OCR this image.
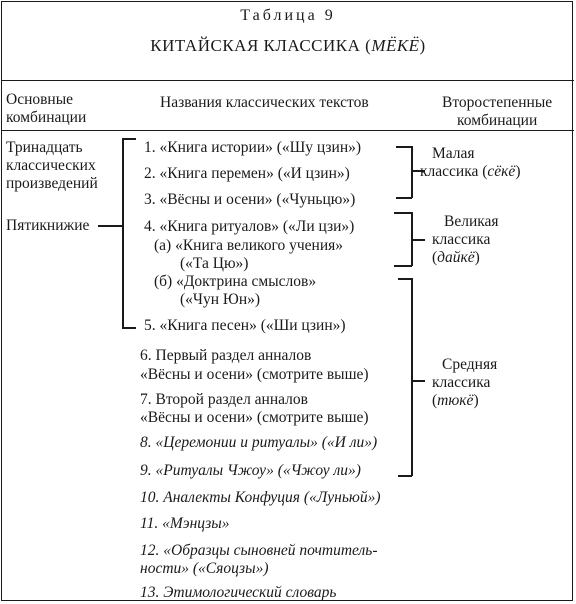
Таблица 9
КИТАЙСКАЯ КЛАССИКА (МЁКЁ)
Основные
комбинации
Названия классических текстов	Второстепенные
комбинации
Тринадцать
классических
произведений
Пятикнижие
1. «Книга истории» («Шу цзин»)
2. «Книга перемен» («И цзин»)
3. «Вёсны и осени» («Чуньцю»)
4. «Книга ритуалов» («Ли цзи»)
(а) «Книга великого учения»
(«Та Цю»)
(б) «Доктрина смыслов»
(«Чун Юн»)
5. «Книга песен» («Ши цзин»)
6. Первый раздел анналов
«Вёсны и осени» (смотрите выше)
7. Второй раздел анналов
«Вёсны и осени» (смотрите выше)
8. «Церемонии и ритуалы» («И ли»)
9. «Ритуалы Чжоу» («Чжоу ли»)
10. Аналекты Конфуция («Луньюй»)
11. «Мэнцзы»
12. «Образцы сыновней почтитель-
ности» («Сяоцзы»)
13. Этимологический словарь
Малая
классика (сёкё)
Великая
классика
(дайкё)
Средняя
классика
(тюкё)
